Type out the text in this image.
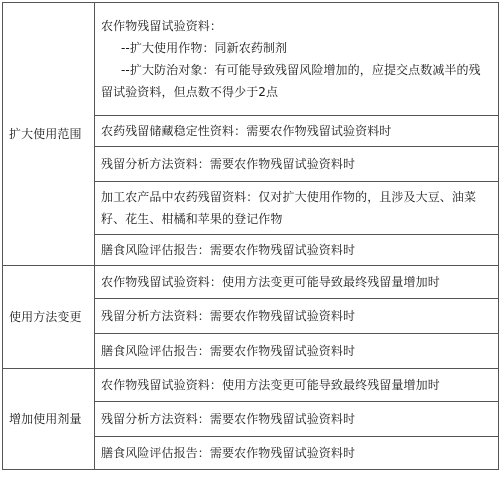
扩大使用范围	农作物残留试验资料：
--扩大使用作物：同新农药制剂
--扩大防治对象：有可能导致残留风险增加的，应提交点数减半的残留试验资料，但点数不得少于2点

	农药残留储藏稳定性资料：需要农作物残留试验资料时
	残留分析方法资料：需要农作物残留试验资料时
	加工农产品中农药残留资料：仅对扩大使用作物的，且涉及大豆、油菜籽、花生、柑橘和苹果的登记作物
	膳食风险评估报告：需要农作物残留试验资料时
使用方法变更	农作物残留试验资料：使用方法变更可能导致最终残留量增加时
	残留分析方法资料：需要农作物残留试验资料时
	膳食风险评估报告：需要农作物残留试验资料时
增加使用剂量	农作物残留试验资料：使用方法变更可能导致最终残留量增加时
	残留分析方法资料：需要农作物残留试验资料时
	膳食风险评估报告：需要农作物残留试验资料时
